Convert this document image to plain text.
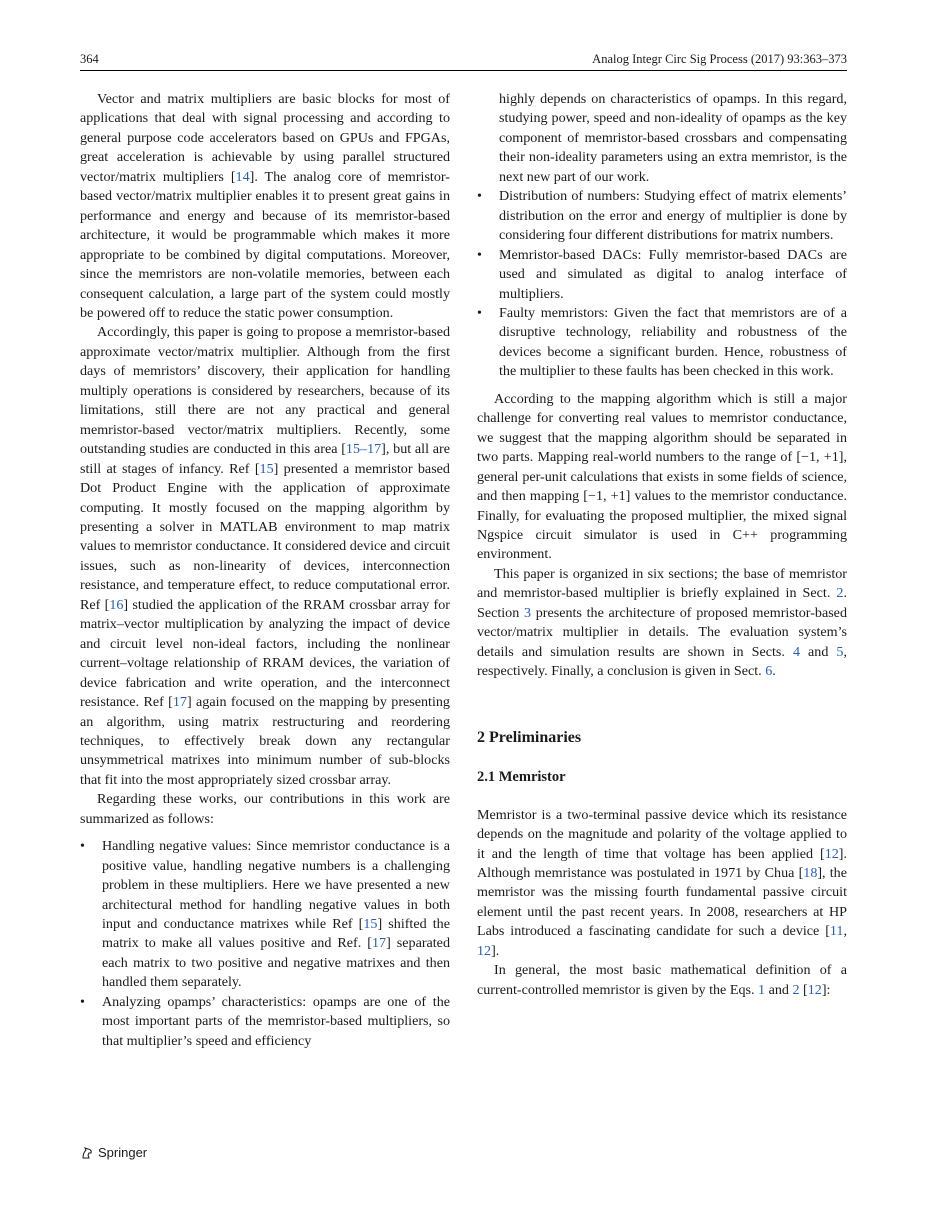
364	Analog Integr Circ Sig Process (2017) 93:363–373

Vector and matrix multipliers are basic blocks for most of applications that deal with signal processing and according to general purpose code accelerators based on GPUs and FPGAs, great acceleration is achievable by using parallel structured vector/matrix multipliers [14]. The analog core of memristor-based vector/matrix multiplier enables it to present great gains in performance and energy and because of its memristor-based architecture, it would be programmable which makes it more appropriate to be combined by digital computations. Moreover, since the memristors are non-volatile memories, between each consequent calculation, a large part of the system could mostly be powered off to reduce the static power consumption.

Accordingly, this paper is going to propose a memristor-based approximate vector/matrix multiplier. Although from the first days of memristors’ discovery, their application for handling multiply operations is considered by researchers, because of its limitations, still there are not any practical and general memristor-based vector/matrix multipliers. Recently, some outstanding studies are conducted in this area [15–17], but all are still at stages of infancy. Ref [15] presented a memristor based Dot Product Engine with the application of approximate computing. It mostly focused on the mapping algorithm by presenting a solver in MATLAB environment to map matrix values to memristor conductance. It considered device and circuit issues, such as non-linearity of devices, interconnection resistance, and temperature effect, to reduce computational error. Ref [16] studied the application of the RRAM crossbar array for matrix–vector multiplication by analyzing the impact of device and circuit level non-ideal factors, including the nonlinear current–voltage relationship of RRAM devices, the variation of device fabrication and write operation, and the interconnect resistance. Ref [17] again focused on the mapping by presenting an algorithm, using matrix restructuring and reordering techniques, to effectively break down any rectangular unsymmetrical matrixes into minimum number of sub-blocks that fit into the most appropriately sized crossbar array.

Regarding these works, our contributions in this work are summarized as follows:

• Handling negative values: Since memristor conductance is a positive value, handling negative numbers is a challenging problem in these multipliers. Here we have presented a new architectural method for handling negative values in both input and conductance matrixes while Ref [15] shifted the matrix to make all values positive and Ref. [17] separated each matrix to two positive and negative matrixes and then handled them separately.
• Analyzing opamps’ characteristics: opamps are one of the most important parts of the memristor-based multipliers, so that multiplier’s speed and efficiency

highly depends on characteristics of opamps. In this regard, studying power, speed and non-ideality of opamps as the key component of memristor-based crossbars and compensating their non-ideality parameters using an extra memristor, is the next new part of our work.

• Distribution of numbers: Studying effect of matrix elements’ distribution on the error and energy of multiplier is done by considering four different distributions for matrix numbers.
• Memristor-based DACs: Fully memristor-based DACs are used and simulated as digital to analog interface of multipliers.
• Faulty memristors: Given the fact that memristors are of a disruptive technology, reliability and robustness of the devices become a significant burden. Hence, robustness of the multiplier to these faults has been checked in this work.

According to the mapping algorithm which is still a major challenge for converting real values to memristor conductance, we suggest that the mapping algorithm should be separated in two parts. Mapping real-world numbers to the range of [−1, +1], general per-unit calculations that exists in some fields of science, and then mapping [−1, +1] values to the memristor conductance. Finally, for evaluating the proposed multiplier, the mixed signal Ngspice circuit simulator is used in C++ programming environment.

This paper is organized in six sections; the base of memristor and memristor-based multiplier is briefly explained in Sect. 2. Section 3 presents the architecture of proposed memristor-based vector/matrix multiplier in details. The evaluation system’s details and simulation results are shown in Sects. 4 and 5, respectively. Finally, a conclusion is given in Sect. 6.

2 Preliminaries
2.1 Memristor

Memristor is a two-terminal passive device which its resistance depends on the magnitude and polarity of the voltage applied to it and the length of time that voltage has been applied [12]. Although memristance was postulated in 1971 by Chua [18], the memristor was the missing fourth fundamental passive circuit element until the past recent years. In 2008, researchers at HP Labs introduced a fascinating candidate for such a device [11, 12].

In general, the most basic mathematical definition of a current-controlled memristor is given by the Eqs. 1 and 2 [12]:

Springer
